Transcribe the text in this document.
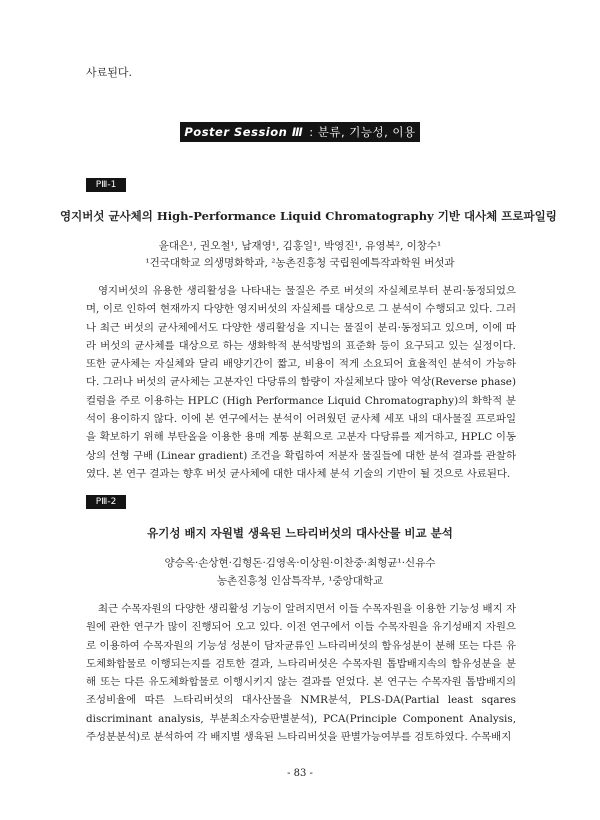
사료된다.
Poster Session Ⅲ : 분류, 기능성, 이용
PⅢ-1
영지버섯 균사체의 High-Performance Liquid Chromatography 기반 대사체 프로파일링
윤대은¹, 권오철¹, 남재영¹, 김홍일¹, 박영진¹, 유영복², 이창수¹
¹건국대학교 의생명화학과, ²농촌진흥청 국립원예특작과학원 버섯과

영지버섯의 유용한 생리활성을 나타내는 물질은 주로 버섯의 자실체로부터 분리·동정되었으며, 이로 인하여 현재까지 다양한 영지버섯의 자실체를 대상으로 그 분석이 수행되고 있다. 그러나 최근 버섯의 균사체에서도 다양한 생리활성을 지니는 물질이 분리·동정되고 있으며, 이에 따라 버섯의 균사체를 대상으로 하는 생화학적 분석방법의 표준화 등이 요구되고 있는 실정이다. 또한 균사체는 자실체와 달리 배양기간이 짧고, 비용이 적게 소요되어 효율적인 분석이 가능하다. 그러나 버섯의 균사체는 고분자인 다당류의 함량이 자실체보다 많아 역상(Reverse phase) 컬럼을 주로 이용하는 HPLC (High Performance Liquid Chromatography)의 화학적 분석이 용이하지 않다. 이에 본 연구에서는 분석이 어려웠던 균사체 세포 내의 대사물질 프로파일을 확보하기 위해 부탄올을 이용한 용매 계통 분획으로 고분자 다당류를 제거하고, HPLC 이동상의 선형 구배 (Linear gradient) 조건을 확립하여 저분자 물질들에 대한 분석 결과를 관찰하였다. 본 연구 결과는 향후 버섯 균사체에 대한 대사체 분석 기술의 기반이 될 것으로 사료된다.

PⅢ-2
유기성 배지 자원별 생육된 느타리버섯의 대사산물 비교 분석
양승옥·손상현·김형돈·김영옥·이상원·이찬중·최형균¹·신유수
농촌진흥청 인삼특작부, ¹중앙대학교

최근 수목자원의 다양한 생리활성 기능이 알려지면서 이들 수목자원을 이용한 기능성 배지 자원에 관한 연구가 많이 진행되어 오고 있다. 이전 연구에서 이들 수목자원을 유기성배지 자원으로 이용하여 수목자원의 기능성 성분이 담자균류인 느타리버섯의 함유성분이 분해 또는 다른 유도체화합물로 이행되는지를 검토한 결과, 느타리버섯은 수목자원 톱밥배지속의 함유성분을 분해 또는 다른 유도체화합물로 이행시키지 않는 결과를 얻었다. 본 연구는 수목자원 톱밥배지의 조성비율에 따른 느타리버섯의 대사산물을 NMR분석, PLS-DA(Partial least sqares discriminant analysis, 부분최소자승판별분석), PCA(Principle Component Analysis, 주성분분석)로 분석하여 각 배지별 생육된 느타리버섯을 판별가능여부를 검토하였다. 수목배지

- 83 -
